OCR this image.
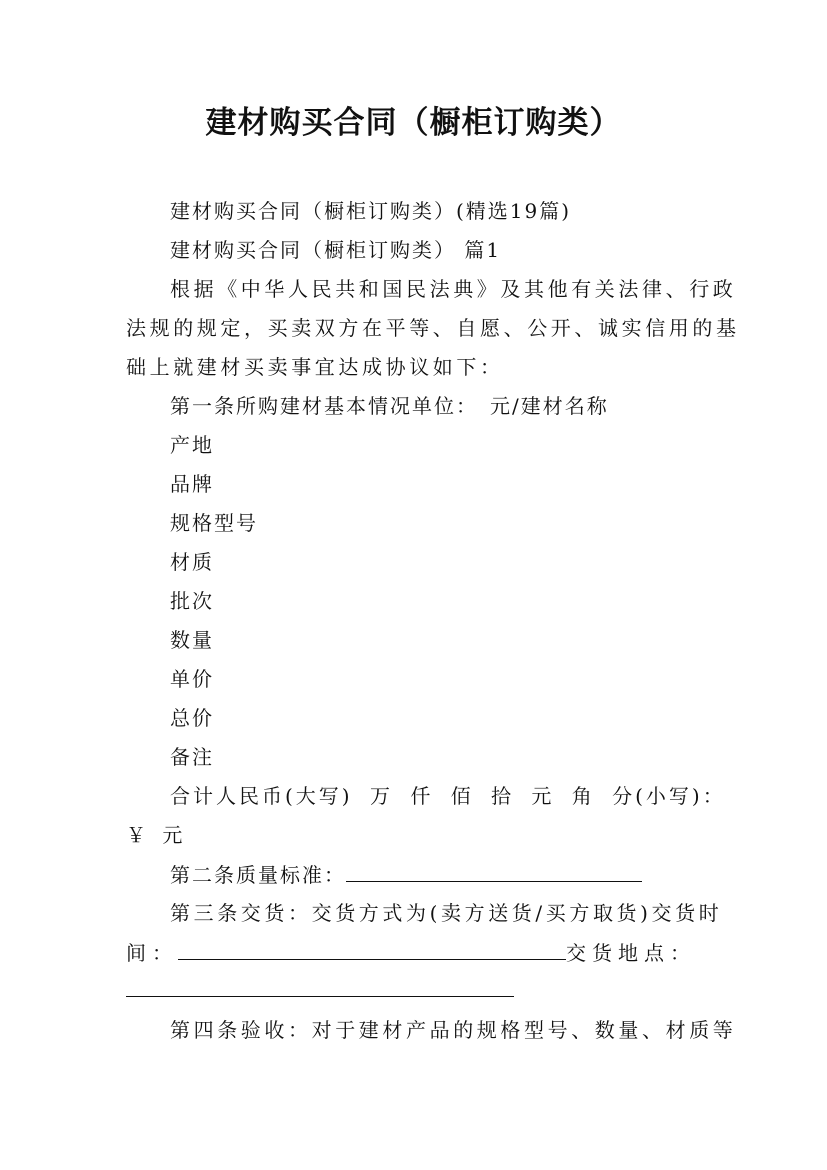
建材购买合同（橱柜订购类）
建材购买合同（橱柜订购类）(精选19篇)
建材购买合同（橱柜订购类） 篇1
根据《中华人民共和国民法典》及其他有关法律、行政
法规的规定，买卖双方在平等、自愿、公开、诚实信用的基
础上就建材买卖事宜达成协议如下：
第一条所购建材基本情况单位：　元/建材名称
产地
品牌
规格型号
材质
批次
数量
单价
总价
备注
合计人民币(大写) 万 仟 佰 拾 元 角 分(小写)：
￥ 元
第二条质量标准：
第三条交货：交货方式为(卖方送货/买方取货)交货时
间：	交货地点：
第四条验收：对于建材产品的规格型号、数量、材质等
